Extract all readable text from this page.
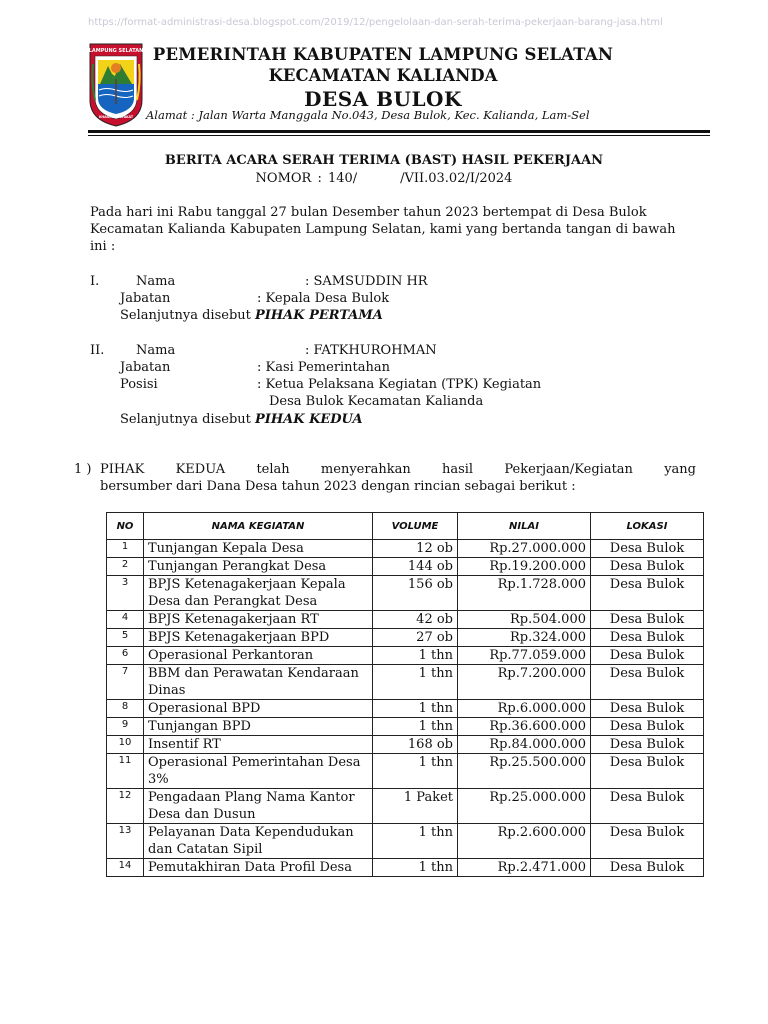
https://format-administrasi-desa.blogspot.com/2019/12/pengelolaan-dan-serah-terima-pekerjaan-barang-jasa.html
LAMPUNG SELATAN
KHAGOM MUFAKAT
PEMERINTAH KABUPATEN LAMPUNG SELATAN
KECAMATAN KALIANDA
DESA BULOK
Alamat : Jalan Warta Manggala No.043, Desa Bulok, Kec. Kalianda, Lam-Sel
BERITA ACARA SERAH TERIMA (BAST) HASIL PEKERJAAN
NOMOR : 140/       /VII.03.02/I/2024
Pada hari ini Rabu tanggal 27 bulan Desember tahun 2023 bertempat di Desa Bulok Kecamatan Kalianda Kabupaten Lampung Selatan, kami yang bertanda tangan di bawah ini :
I.	Nama	: SAMSUDDIN HR
Jabatan	: Kepala Desa Bulok
Selanjutnya disebut PIHAK PERTAMA
II. Nama	: FATKHUROHMAN
Jabatan	: Kasi Pemerintahan
Posisi	: Ketua Pelaksana Kegiatan (TPK) Kegiatan
Desa Bulok Kecamatan Kalianda
Selanjutnya disebut PIHAK KEDUA
1 ) PIHAK KEDUA telah menyerahkan hasil Pekerjaan/Kegiatan yang
bersumber dari Dana Desa tahun 2023 dengan rincian sebagai berikut :
NO	NAMA KEGIATAN	VOLUME	NILAI	LOKASI
1	Tunjangan Kepala Desa	12 ob	Rp.27.000.000	Desa Bulok
2	Tunjangan Perangkat Desa	144 ob	Rp.19.200.000	Desa Bulok
3	BPJS Ketenagakerjaan Kepala Desa dan Perangkat Desa	156 ob	Rp.1.728.000	Desa Bulok
4	BPJS Ketenagakerjaan RT	42 ob	Rp.504.000	Desa Bulok
5	BPJS Ketenagakerjaan BPD	27 ob	Rp.324.000	Desa Bulok
6	Operasional Perkantoran	1 thn	Rp.77.059.000	Desa Bulok
7	BBM dan Perawatan Kendaraan Dinas	1 thn	Rp.7.200.000	Desa Bulok
8	Operasional BPD	1 thn	Rp.6.000.000	Desa Bulok
9	Tunjangan BPD	1 thn	Rp.36.600.000	Desa Bulok
10	Insentif RT	168 ob	Rp.84.000.000	Desa Bulok
11	Operasional Pemerintahan Desa 3%	1 thn	Rp.25.500.000	Desa Bulok
12	Pengadaan Plang Nama Kantor Desa dan Dusun	1 Paket	Rp.25.000.000	Desa Bulok
13	Pelayanan Data Kependudukan dan Catatan Sipil	1 thn	Rp.2.600.000	Desa Bulok
14	Pemutakhiran Data Profil Desa	1 thn	Rp.2.471.000	Desa Bulok
